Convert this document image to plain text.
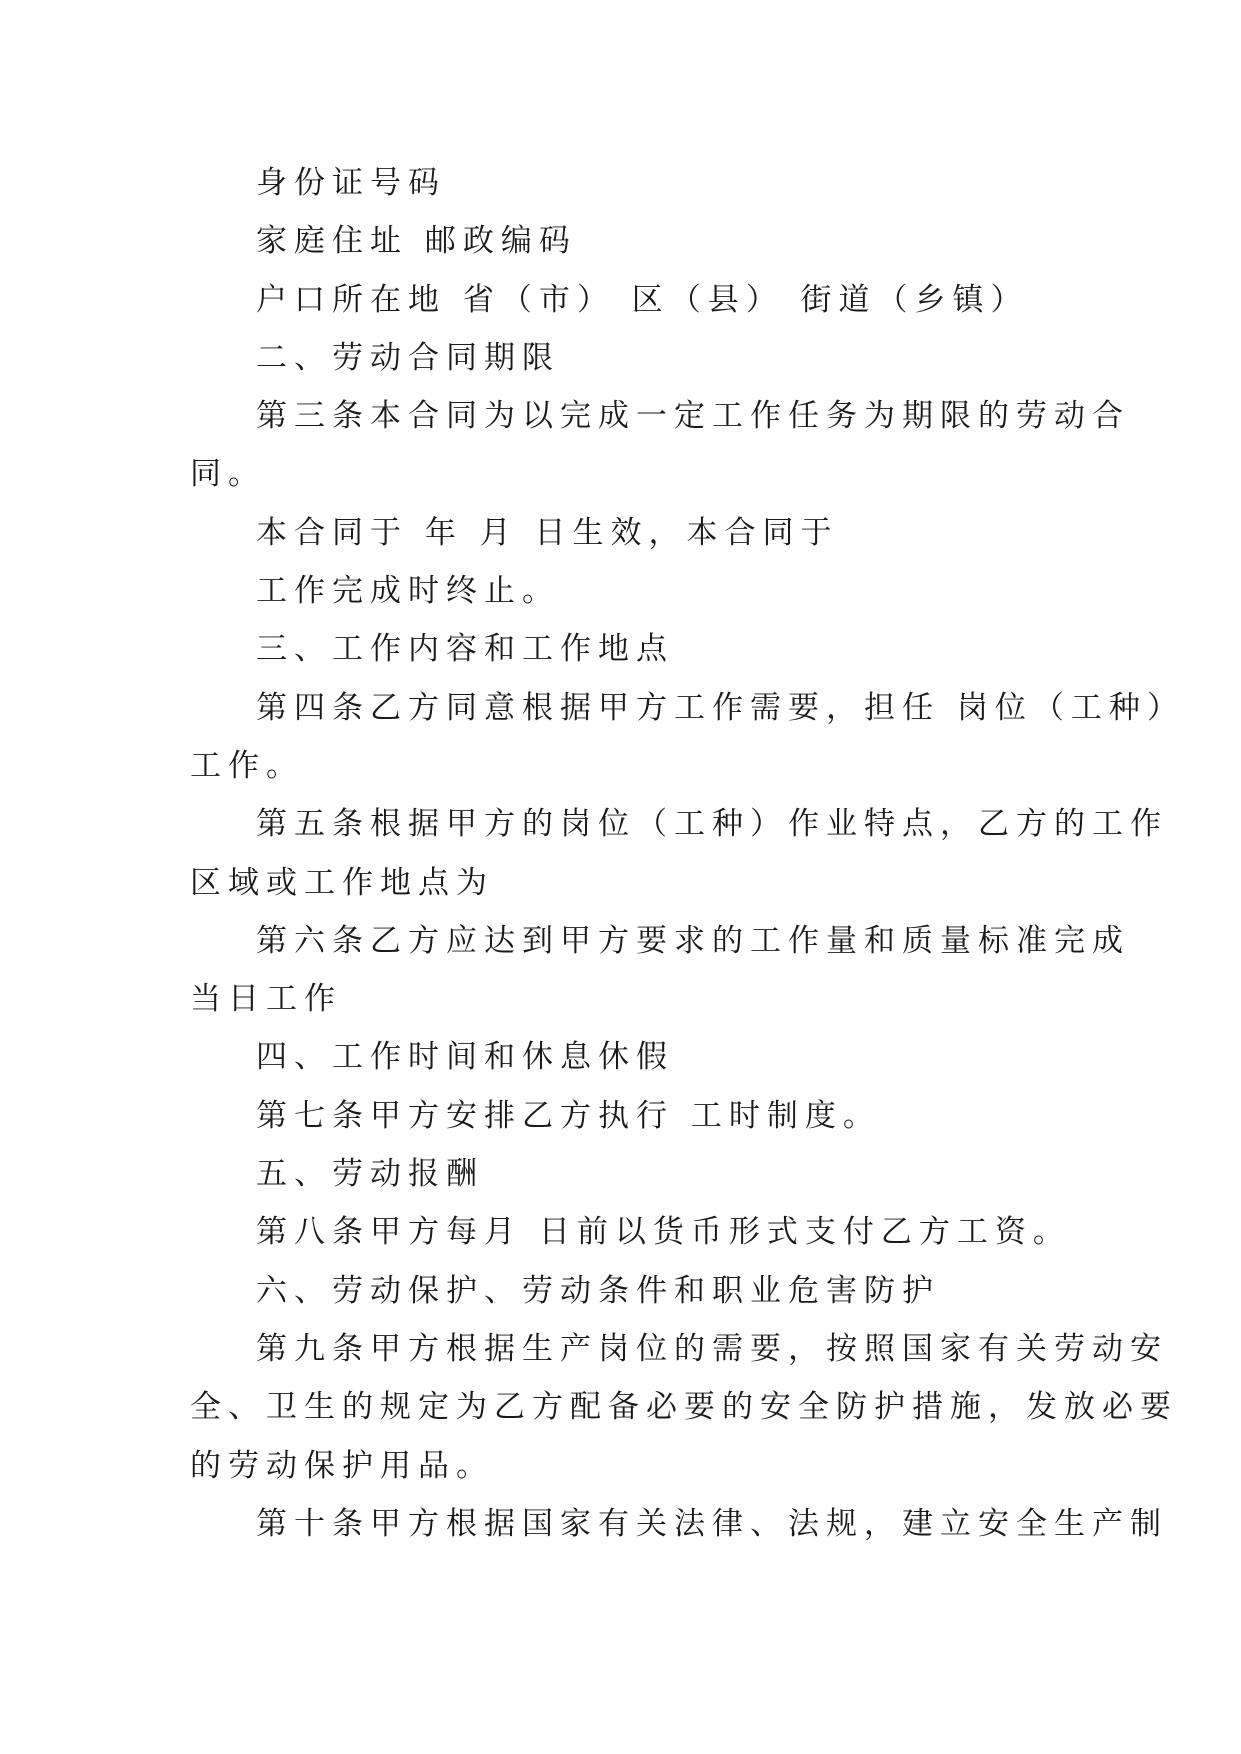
身份证号码

家庭住址 邮政编码

户口所在地 省（市） 区（县） 街道（乡镇）

二、劳动合同期限

第三条本合同为以完成一定工作任务为期限的劳动合

同。

本合同于 年 月 日生效，本合同于

工作完成时终止。

三、工作内容和工作地点

第四条乙方同意根据甲方工作需要，担任 岗位（工种）

工作。

第五条根据甲方的岗位（工种）作业特点，乙方的工作

区域或工作地点为

第六条乙方应达到甲方要求的工作量和质量标准完成

当日工作

四、工作时间和休息休假

第七条甲方安排乙方执行 工时制度。

五、劳动报酬

第八条甲方每月 日前以货币形式支付乙方工资。

六、劳动保护、劳动条件和职业危害防护

第九条甲方根据生产岗位的需要，按照国家有关劳动安

全、卫生的规定为乙方配备必要的安全防护措施，发放必要

的劳动保护用品。

第十条甲方根据国家有关法律、法规，建立安全生产制
